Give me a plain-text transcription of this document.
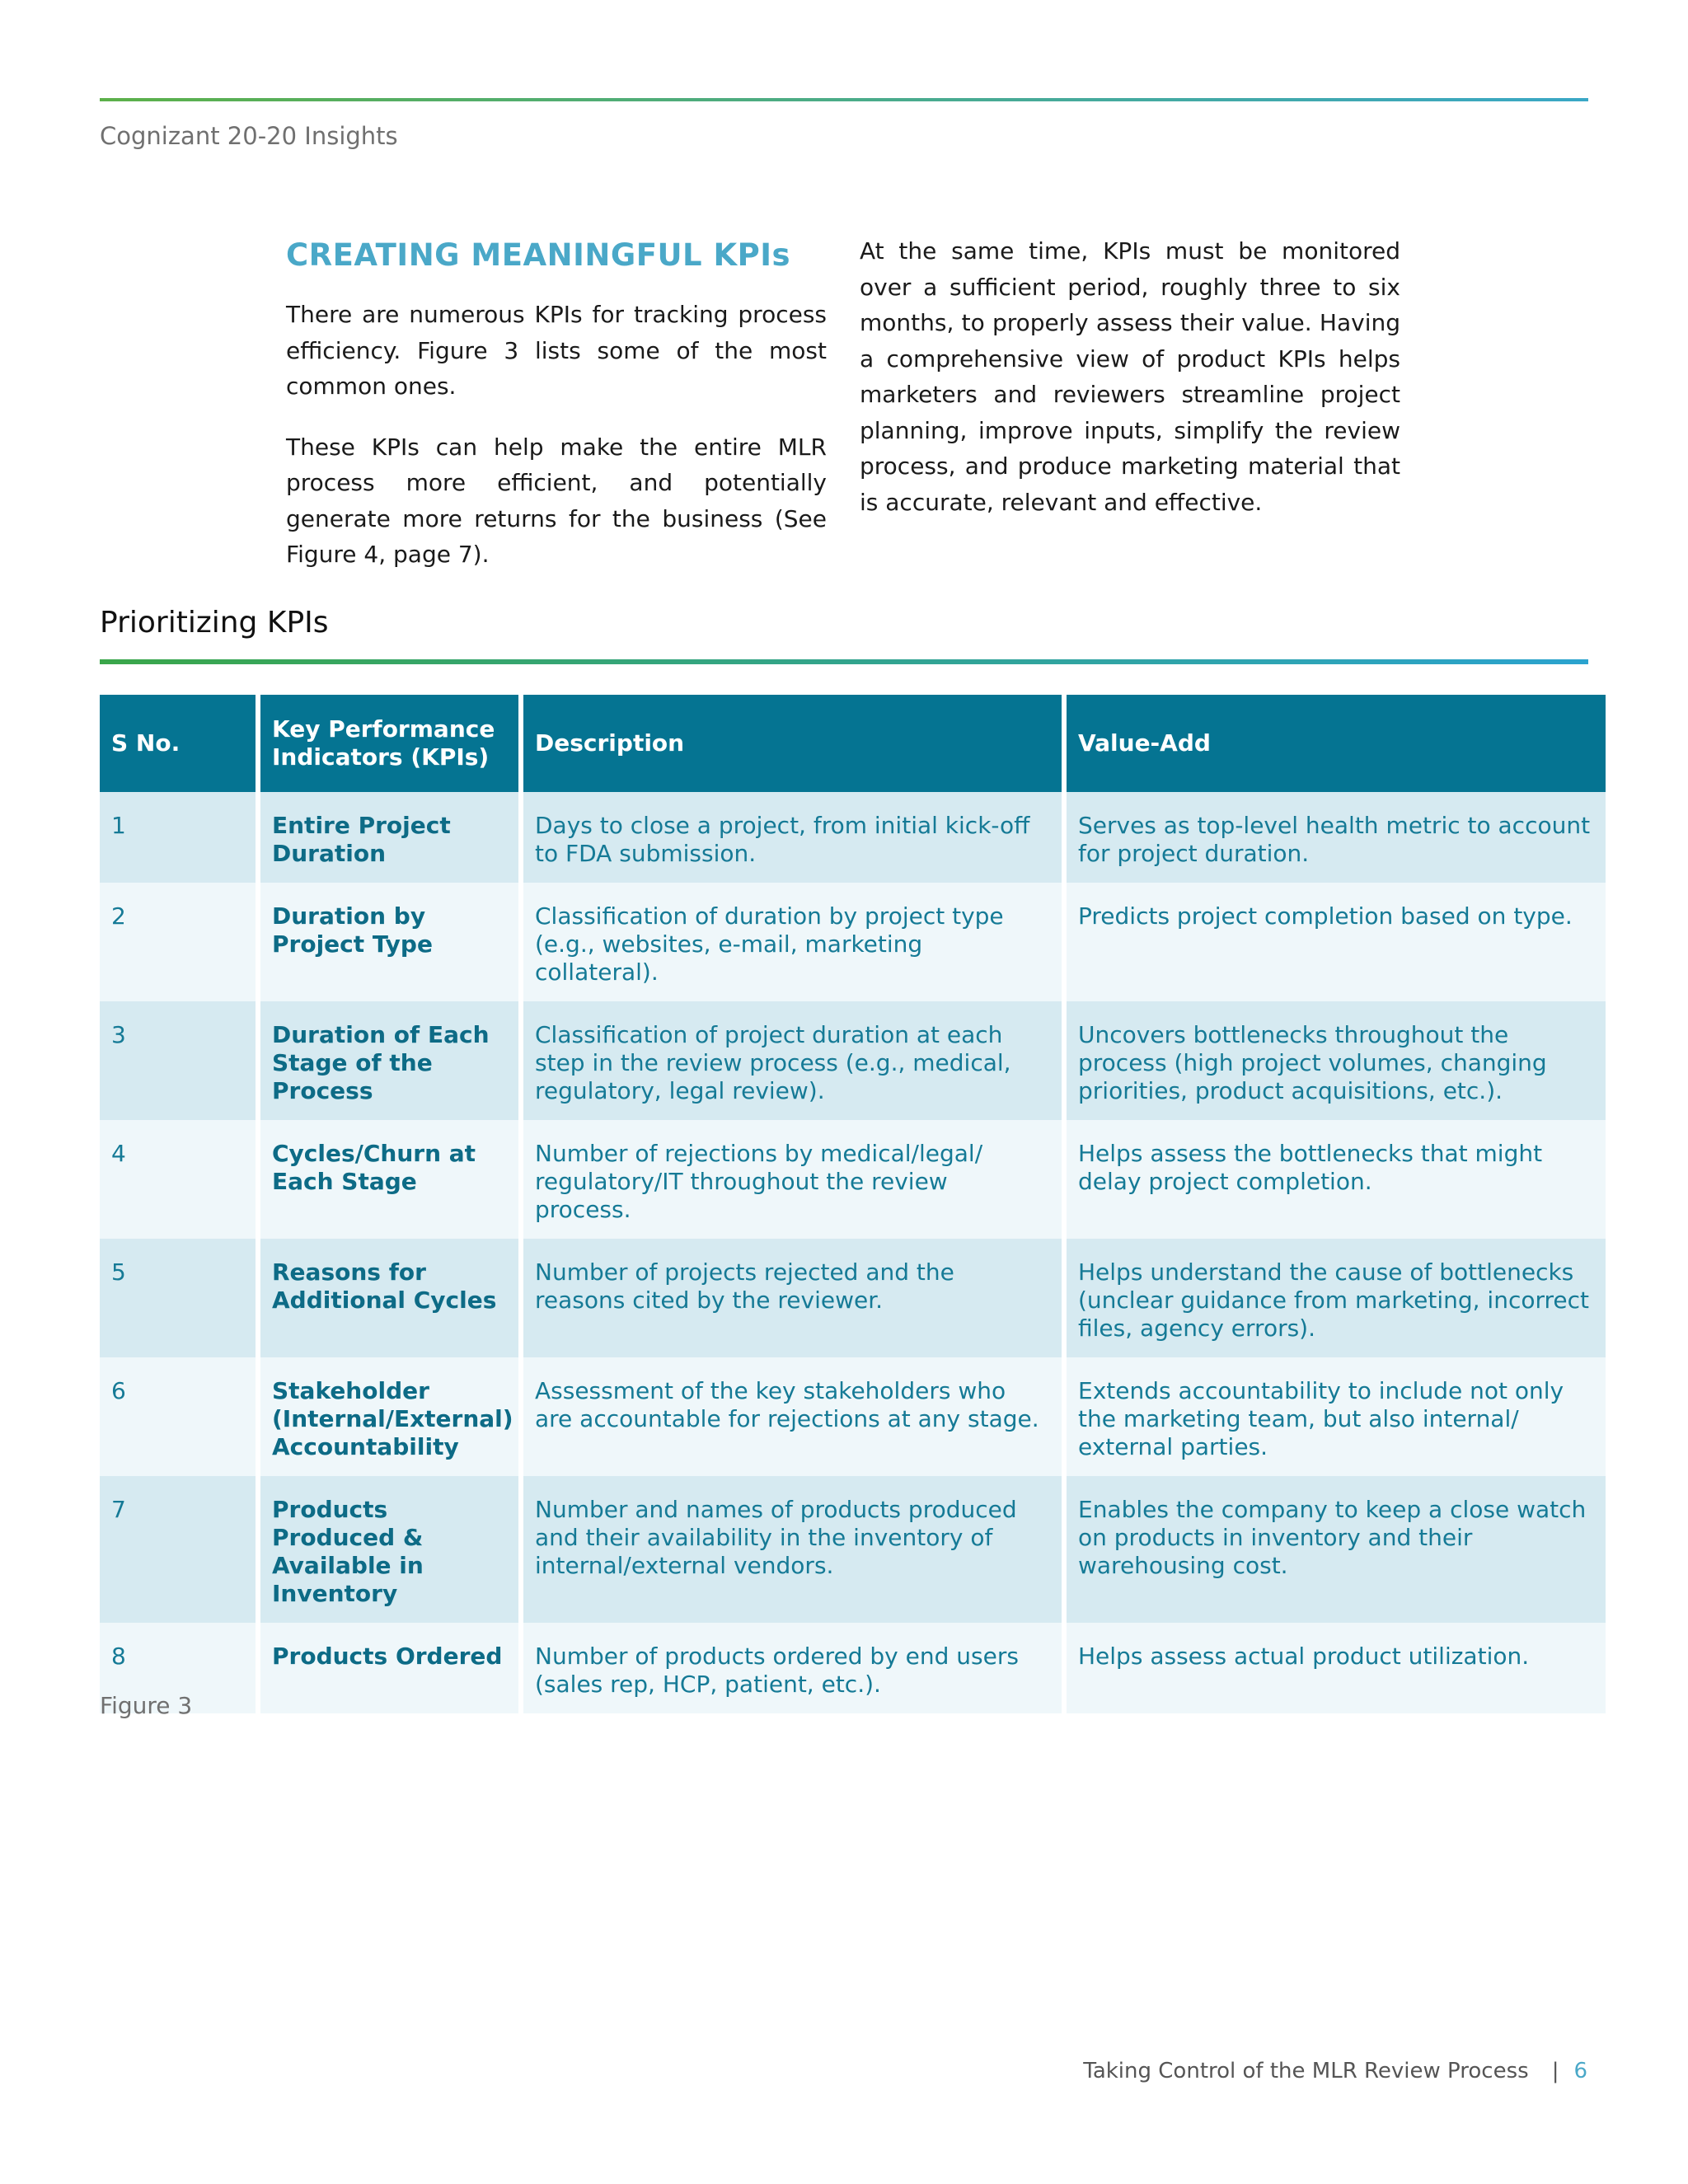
Cognizant 20-20 Insights
CREATING MEANINGFUL KPIs

There are numerous KPIs for tracking process efficiency. Figure 3 lists some of the most common ones.

These KPIs can help make the entire MLR process more efficient, and potentially generate more returns for the business (See Figure 4, page 7).

At the same time, KPIs must be monitored over a sufficient period, roughly three to six months, to properly assess their value. Having a comprehensive view of product KPIs helps marketers and reviewers streamline project planning, improve inputs, simplify the review process, and produce marketing material that is accurate, relevant and effective.

Prioritizing KPIs
S No.	Key Performance Indicators (KPIs)	Description	Value-Add
1	Entire Project Duration	Days to close a project, from initial kick-off to FDA submission.	Serves as top-level health metric to account for project duration.
2	Duration by Project Type	Classification of duration by project type (e.g., websites, e-mail, marketing collateral).	Predicts project completion based on type.
3	Duration of Each Stage of the Process	Classification of project duration at each step in the review process (e.g., medical, regulatory, legal review).	Uncovers bottlenecks throughout the process (high project volumes, changing priorities, product acquisitions, etc.).
4	Cycles/Churn at Each Stage	Number of rejections by medical/legal/ regulatory/IT throughout the review process.	Helps assess the bottlenecks that might delay project completion.
5	Reasons for Additional Cycles	Number of projects rejected and the reasons cited by the reviewer.	Helps understand the cause of bottlenecks (unclear guidance from marketing, incorrect files, agency errors).
6	Stakeholder (Internal/External) Accountability	Assessment of the key stakeholders who are accountable for rejections at any stage.	Extends accountability to include not only the marketing team, but also internal/ external parties.
7	Products Produced & Available in Inventory	Number and names of products produced and their availability in the inventory of internal/external vendors.	Enables the company to keep a close watch on products in inventory and their warehousing cost.
8	Products Ordered	Number of products ordered by end users (sales rep, HCP, patient, etc.).	Helps assess actual product utilization.
Figure 3
Taking Control of the MLR Review Process | 6
